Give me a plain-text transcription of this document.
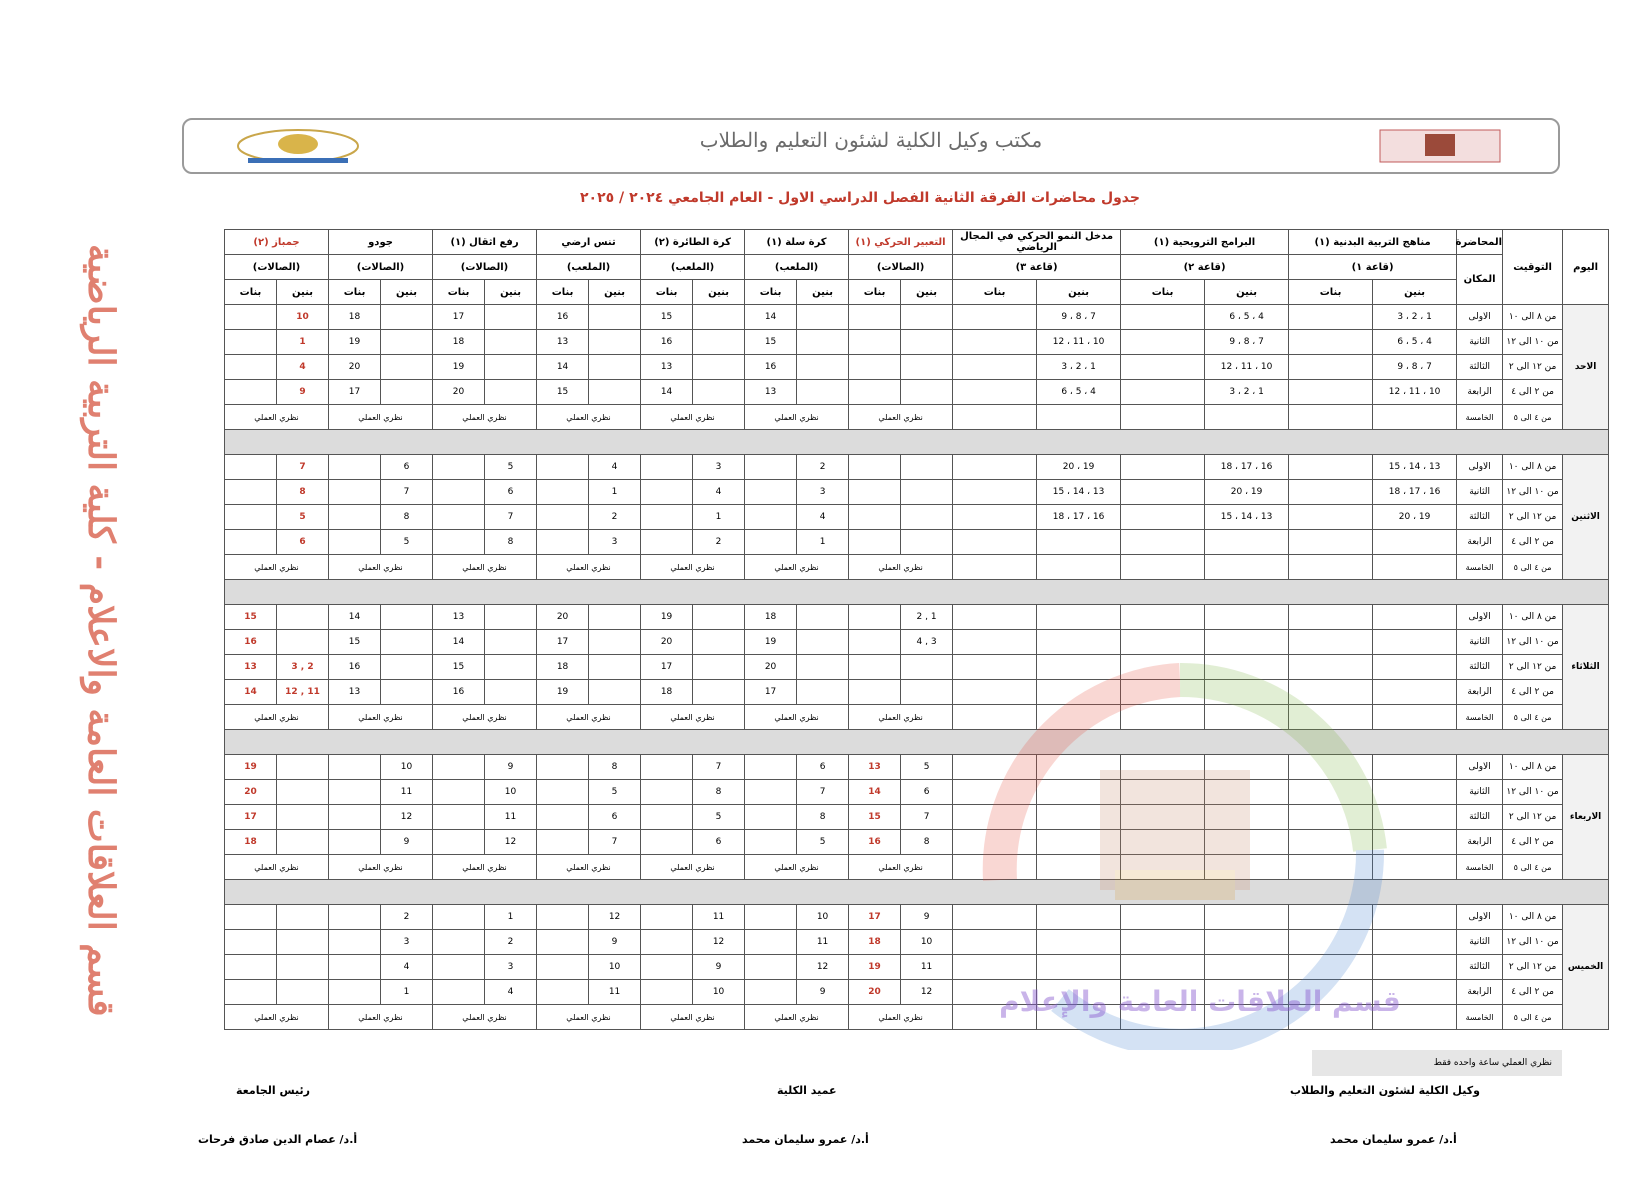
مكتب وكيل الكلية لشئون التعليم والطلاب
جدول محاضرات الفرقة الثانية الفصل الدراسي الاول - العام الجامعي ٢٠٢٤ / ٢٠٢٥
قسم العلاقات العامة والاعلام - كلية التربية الرياضية	اليوم	التوقيت	المحاضرة	مناهج التربية البدنية (١)		البرامج الترويحية (١)		مدخل النمو الحركي في المجال الرياضي		التعبير الحركي (١)		كرة سلة (١)		كرة الطائرة (٢)		تنس ارضي		رفع اثقال (١)		جودو		جمباز (٢)	
		المكان	(قاعة ١)		(قاعة ٢)		(قاعة ٣)		(الصالات)		(الملعب)		(الملعب)		(الملعب)		(الصالات)		(الصالات)		(الصالات)	
			بنين	بنات	بنين	بنات	بنين	بنات	بنين	بنات	بنين	بنات	بنين	بنات	بنين	بنات	بنين	بنات	بنين	بنات	بنين	بنات
الاحد	من ٨ الى ١٠	الاولى	1 ، 2 ، 3		4 ، 5 ، 6		7 ، 8 ، 9					14		15		16		17		18	10	
	من ١٠ الى ١٢	الثانية	4 ، 5 ، 6		7 ، 8 ، 9		10 ، 11 ، 12					15		16		13		18		19	1	
	من ١٢ الى ٢	الثالثة	7 ، 8 ، 9		10 ، 11 ، 12		1 ، 2 ، 3					16		13		14		19		20	4	
	من ٢ الى ٤	الرابعة	10 ، 11 ، 12		1 ، 2 ، 3		4 ، 5 ، 6					13		14		15		20		17	9	
	من ٤ الى ٥	الخامسة							نظري العملي		نظري العملي		نظري العملي		نظري العملي		نظري العملي		نظري العملي		نظري العملي	

الاثنين	من ٨ الى ١٠	الاولى	13 ، 14 ، 15		16 ، 17 ، 18		19 ، 20				2		3		4		5		6		7	
	من ١٠ الى ١٢	الثانية	16 ، 17 ، 18		19 ، 20		13 ، 14 ، 15				3		4		1		6		7		8	
	من ١٢ الى ٢	الثالثة	19 ، 20		13 ، 14 ، 15		16 ، 17 ، 18				4		1		2		7		8		5	
	من ٢ الى ٤	الرابعة									1		2		3		8		5		6	
	من ٤ الى ٥	الخامسة							نظري العملي		نظري العملي		نظري العملي		نظري العملي		نظري العملي		نظري العملي		نظري العملي	

الثلاثاء	من ٨ الى ١٠	الاولى							1 , 2			18		19		20		13		14		15
	من ١٠ الى ١٢	الثانية							3 , 4			19		20		17		14		15		16
	من ١٢ الى ٢	الثالثة										20		17		18		15		16	2 , 3	13
	من ٢ الى ٤	الرابعة										17		18		19		16		13	11 , 12	14
	من ٤ الى ٥	الخامسة							نظري العملي		نظري العملي		نظري العملي		نظري العملي		نظري العملي		نظري العملي		نظري العملي	

الاربعاء	من ٨ الى ١٠	الاولى							5	13	6		7		8		9		10			19
	من ١٠ الى ١٢	الثانية							6	14	7		8		5		10		11			20
	من ١٢ الى ٢	الثالثة							7	15	8		5		6		11		12			17
	من ٢ الى ٤	الرابعة							8	16	5		6		7		12		9			18
	من ٤ الى ٥	الخامسة							نظري العملي		نظري العملي		نظري العملي		نظري العملي		نظري العملي		نظري العملي		نظري العملي	

الخميس	من ٨ الى ١٠	الاولى							9	17	10		11		12		1		2			
	من ١٠ الى ١٢	الثانية							10	18	11		12		9		2		3			
	من ١٢ الى ٢	الثالثة							11	19	12		9		10		3		4			
	من ٢ الى ٤	الرابعة							12	20	9		10		11		4		1			
	من ٤ الى ٥	الخامسة							نظري العملي		نظري العملي		نظري العملي		نظري العملي		نظري العملي		نظري العملي		نظري العملي		قسم العلاقات العامة والإعلام
نظري العملي ساعة واحده فقط
وكيل الكلية لشئون التعليم والطلاب
عميد الكلية
رئيس الجامعة
أ.د/ عمرو سليمان محمد
أ.د/ عمرو سليمان محمد
أ.د/ عصام الدين صادق فرحات
